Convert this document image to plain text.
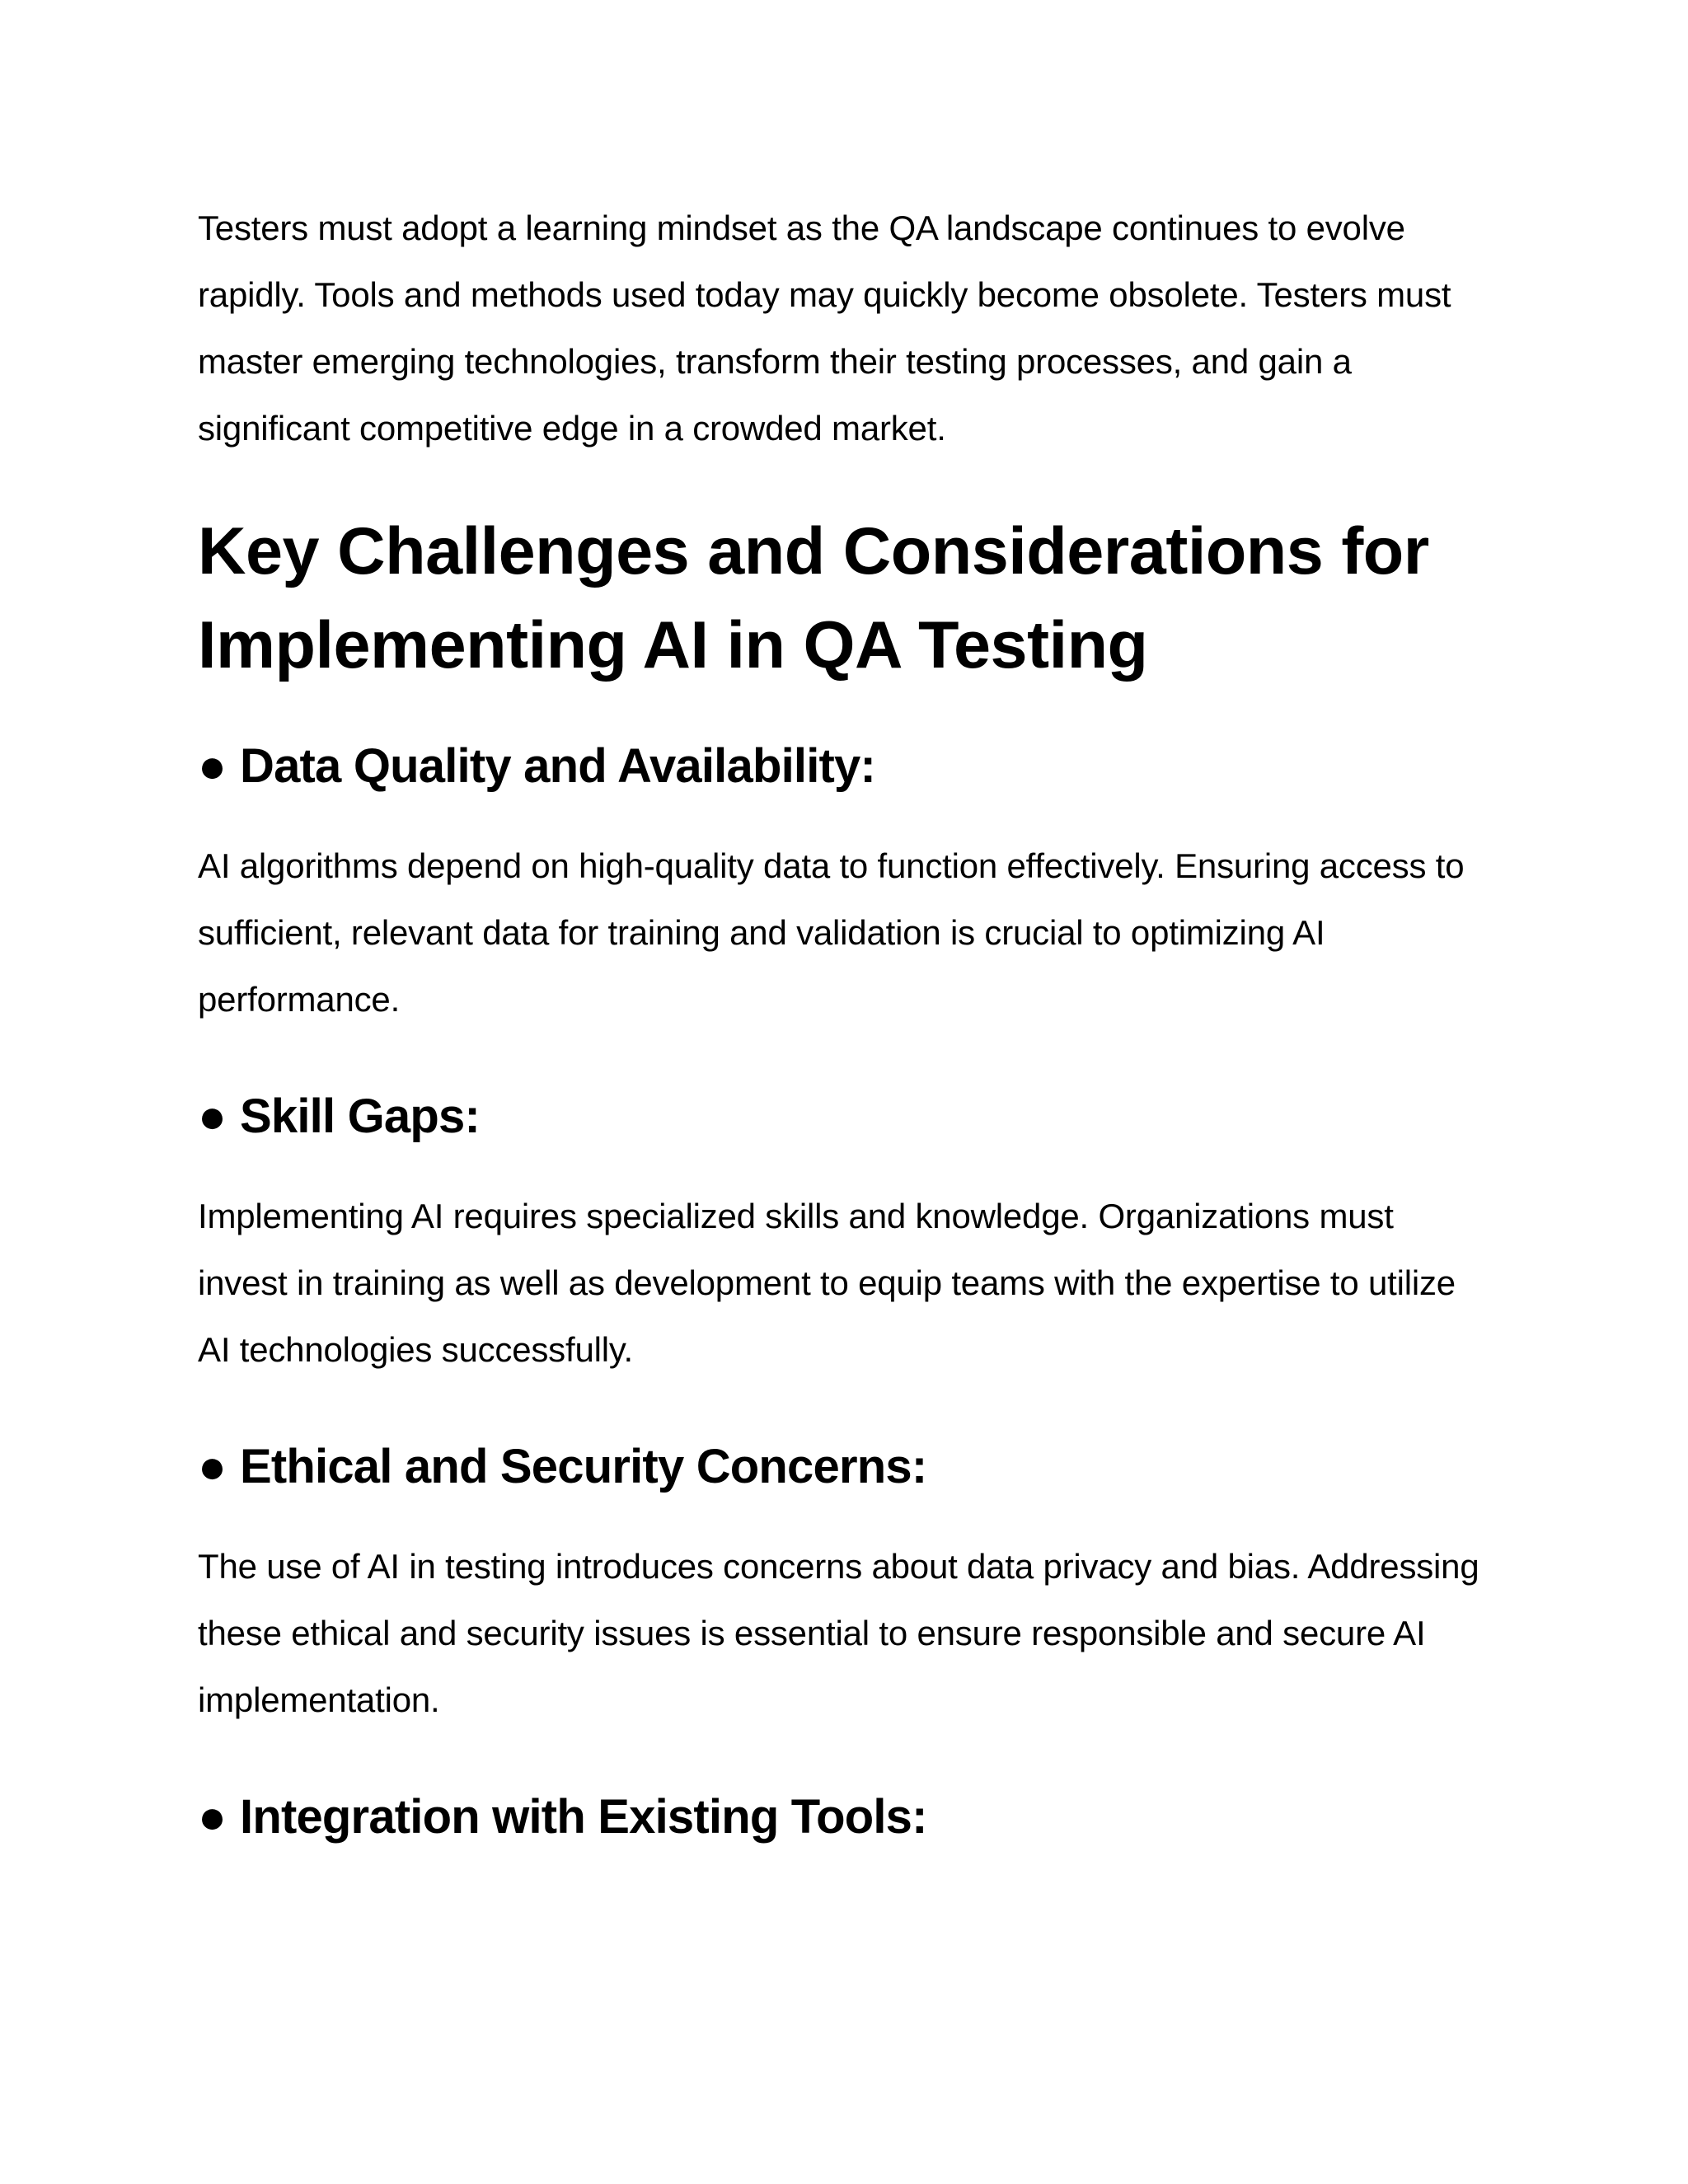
Testers must adopt a learning mindset as the QA landscape continues to evolve rapidly. Tools and methods used today may quickly become obsolete. Testers must master emerging technologies, transform their testing processes, and gain a significant competitive edge in a crowded market.

Key Challenges and Considerations for Implementing AI in QA Testing
● Data Quality and Availability:

AI algorithms depend on high-quality data to function effectively. Ensuring access to sufficient, relevant data for training and validation is crucial to optimizing AI performance.

● Skill Gaps:

Implementing AI requires specialized skills and knowledge. Organizations must invest in training as well as development to equip teams with the expertise to utilize AI technologies successfully.

● Ethical and Security Concerns:

The use of AI in testing introduces concerns about data privacy and bias. Addressing these ethical and security issues is essential to ensure responsible and secure AI implementation.

● Integration with Existing Tools:
